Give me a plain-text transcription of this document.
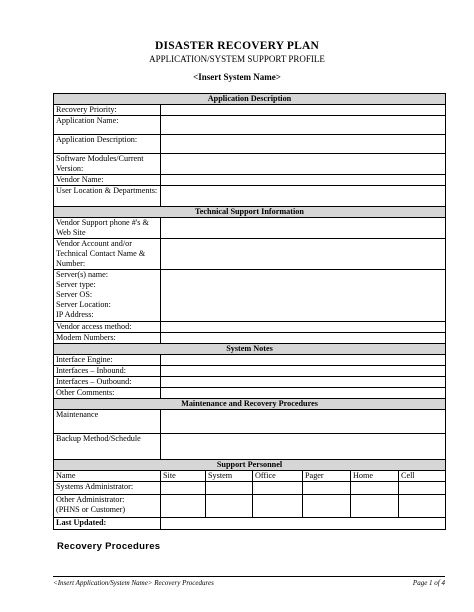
DISASTER RECOVERY PLAN
APPLICATION/SYSTEM SUPPORT PROFILE
<Insert System Name>
Application Description						
Recovery Priority:						
Application Name:						
Application Description:						
Software Modules/Current Version:						
Vendor Name:						
User Location & Departments:						
Technical Support Information						
Vendor Support phone #'s & Web Site						
Vendor Account and/or Technical Contact Name & Number:						
Server(s) name:
Server type:
Server OS:
Server Location:
IP Address:						
Vendor access method:						
Modem Numbers:						
System Notes						
Interface Engine:						
Interfaces – Inbound:						
Interfaces – Outbound:						
Other Comments:						
Maintenance and Recovery Procedures						
Maintenance						
Backup Method/Schedule						
Support Personnel						
Name	Site	System	Office	Pager	Home	Cell
Systems Administrator:						
Other Administrator:
(PHNS or Customer)						
Last Updated:						
Recovery Procedures
<Insert Application/System Name> Recovery Procedures	Page 1 of 4
